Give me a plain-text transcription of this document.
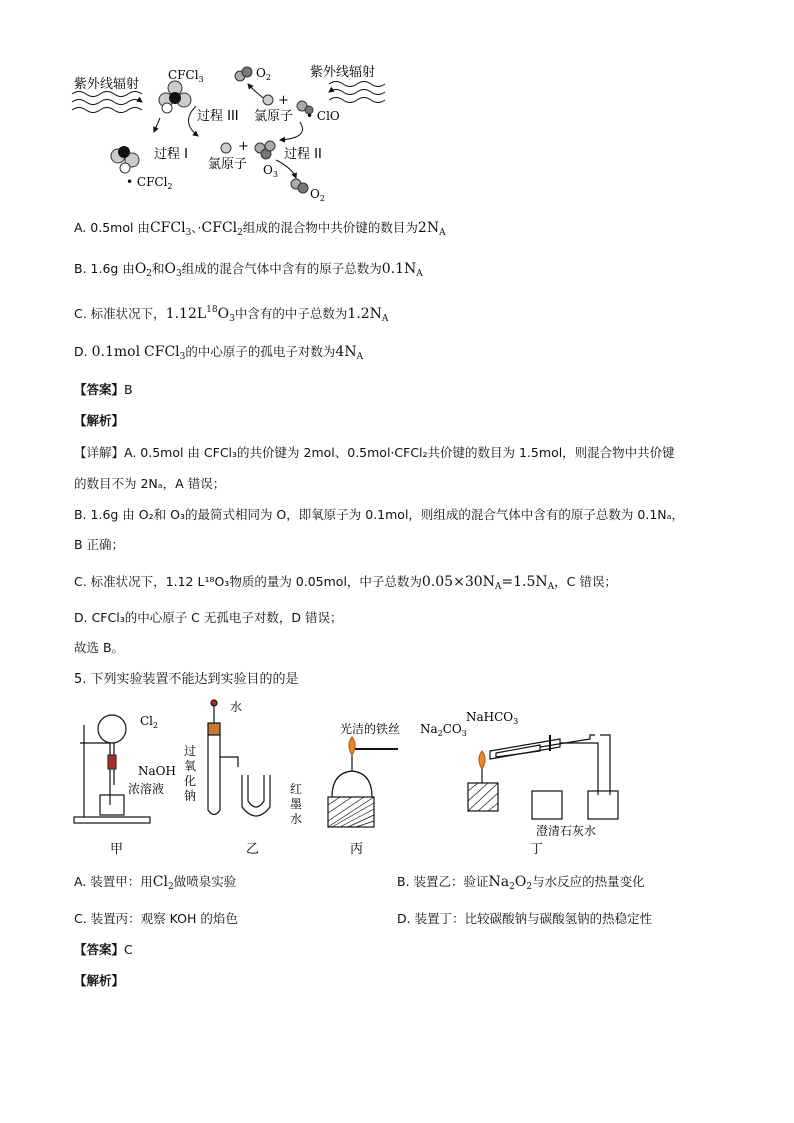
紫外线辐射
CFCl$_3$	$O_2$	紫外线辐射
+
氯原子 • ClO
过程 III
过程 I
• CFCl$_2$
+
氯原子 $O_3$
过程 II
$O_2$
A. 0.5mol 由CFCl$_3$、·CFCl$_2$组成的混合物中共价键的数目为$2N_A$
B. 1.6g 由$O_2$和$O_3$组成的混合气体中含有的原子总数为$0.1N_A$
C. 标准状况下，$1.12L^{18}O_3$中含有的中子总数为$1.2N_A$
D. 0.1mol CFCl$_3$的中心原子的孤电子对数为$4N_A$
【答案】B
【解析】
【详解】A. 0.5mol 由 CFCl₃的共价键为 2mol、0.5mol·CFCl₂共价键的数目为 1.5mol，则混合物中共价键
的数目不为 2Nₐ，A 错误；
B. 1.6g 由 O₂和 O₃的最简式相同为 O，即氧原子为 0.1mol，则组成的混合气体中含有的原子总数为 0.1Nₐ，
B 正确；
C. 标准状况下，1.12 L¹⁸O₃物质的量为 0.05mol，中子总数为$0.05\times 30N_A=1.5N_A$，C 错误；
D. CFCl₃的中心原子 C 无孤电子对数，D 错误；
故选 B。
5. 下列实验装置不能达到实验目的的是
$Cl_2$
NaOH
浓溶液
甲
水
过
氧
化
钠	红
墨
水
乙
光洁的铁丝
丙
$Na_2CO_3$
NaHCO$_3$
澄清石灰水
丁
A. 装置甲：用$Cl_2$做喷泉实验	B. 装置乙：验证$Na_2O_2$与水反应的热量变化
C. 装置丙：观察 KOH 的焰色	D. 装置丁：比较碳酸钠与碳酸氢钠的热稳定性
【答案】C
【解析】
